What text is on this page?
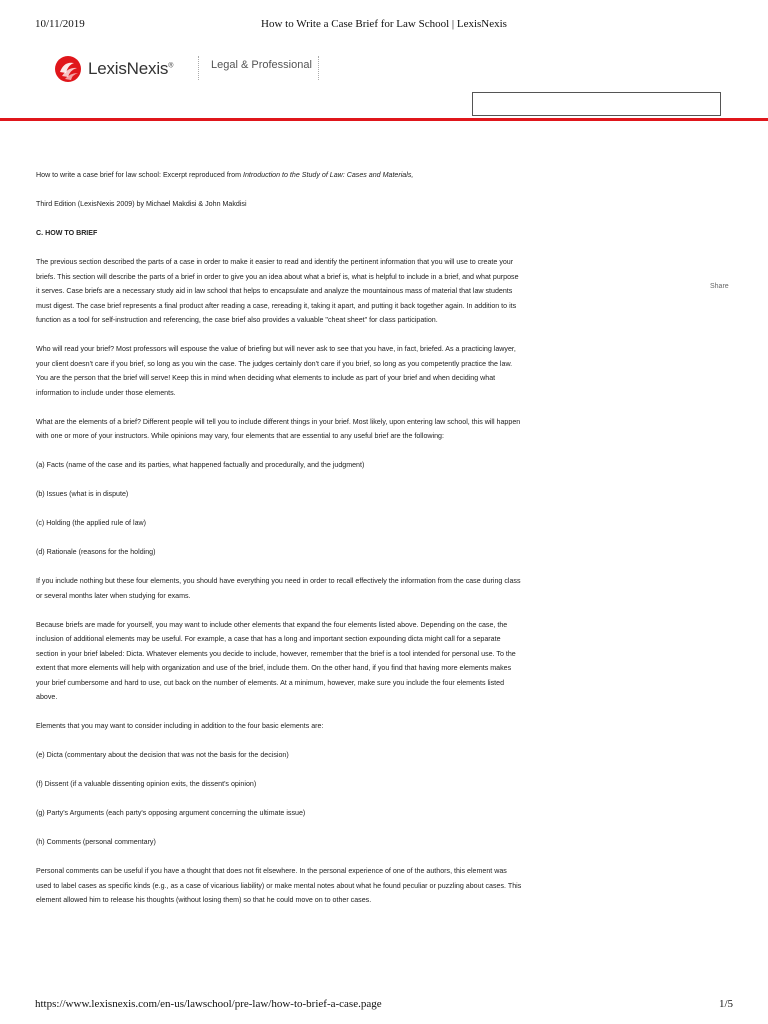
10/11/2019	How to Write a Case Brief for Law School | LexisNexis
LexisNexis®	Legal & Professional
Share

How to write a case brief for law school: Excerpt reproduced from Introduction to the Study of Law: Cases and Materials,

Third Edition (LexisNexis 2009) by Michael Makdisi & John Makdisi

C. HOW TO BRIEF

The previous section described the parts of a case in order to make it easier to read and identify the pertinent information that you will use to create your briefs. This section will describe the parts of a brief in order to give you an idea about what a brief is, what is helpful to include in a brief, and what purpose it serves. Case briefs are a necessary study aid in law school that helps to encapsulate and analyze the mountainous mass of material that law students must digest. The case brief represents a final product after reading a case, rereading it, taking it apart, and putting it back together again. In addition to its function as a tool for self-instruction and referencing, the case brief also provides a valuable "cheat sheet" for class participation.

Who will read your brief? Most professors will espouse the value of briefing but will never ask to see that you have, in fact, briefed. As a practicing lawyer, your client doesn't care if you brief, so long as you win the case. The judges certainly don't care if you brief, so long as you competently practice the law. You are the person that the brief will serve! Keep this in mind when deciding what elements to include as part of your brief and when deciding what information to include under those elements.

What are the elements of a brief? Different people will tell you to include different things in your brief. Most likely, upon entering law school, this will happen with one or more of your instructors. While opinions may vary, four elements that are essential to any useful brief are the following:

(a) Facts (name of the case and its parties, what happened factually and procedurally, and the judgment)

(b) Issues (what is in dispute)

(c) Holding (the applied rule of law)

(d) Rationale (reasons for the holding)

If you include nothing but these four elements, you should have everything you need in order to recall effectively the information from the case during class or several months later when studying for exams.

Because briefs are made for yourself, you may want to include other elements that expand the four elements listed above. Depending on the case, the inclusion of additional elements may be useful. For example, a case that has a long and important section expounding dicta might call for a separate section in your brief labeled: Dicta. Whatever elements you decide to include, however, remember that the brief is a tool intended for personal use. To the extent that more elements will help with organization and use of the brief, include them. On the other hand, if you find that having more elements makes your brief cumbersome and hard to use, cut back on the number of elements. At a minimum, however, make sure you include the four elements listed above.

Elements that you may want to consider including in addition to the four basic elements are:

(e) Dicta (commentary about the decision that was not the basis for the decision)

(f) Dissent (if a valuable dissenting opinion exits, the dissent's opinion)

(g) Party's Arguments (each party's opposing argument concerning the ultimate issue)

(h) Comments (personal commentary)

Personal comments can be useful if you have a thought that does not fit elsewhere. In the personal experience of one of the authors, this element was used to label cases as specific kinds (e.g., as a case of vicarious liability) or make mental notes about what he found peculiar or puzzling about cases. This element allowed him to release his thoughts (without losing them) so that he could move on to other cases.

https://www.lexisnexis.com/en-us/lawschool/pre-law/how-to-brief-a-case.page	1/5
